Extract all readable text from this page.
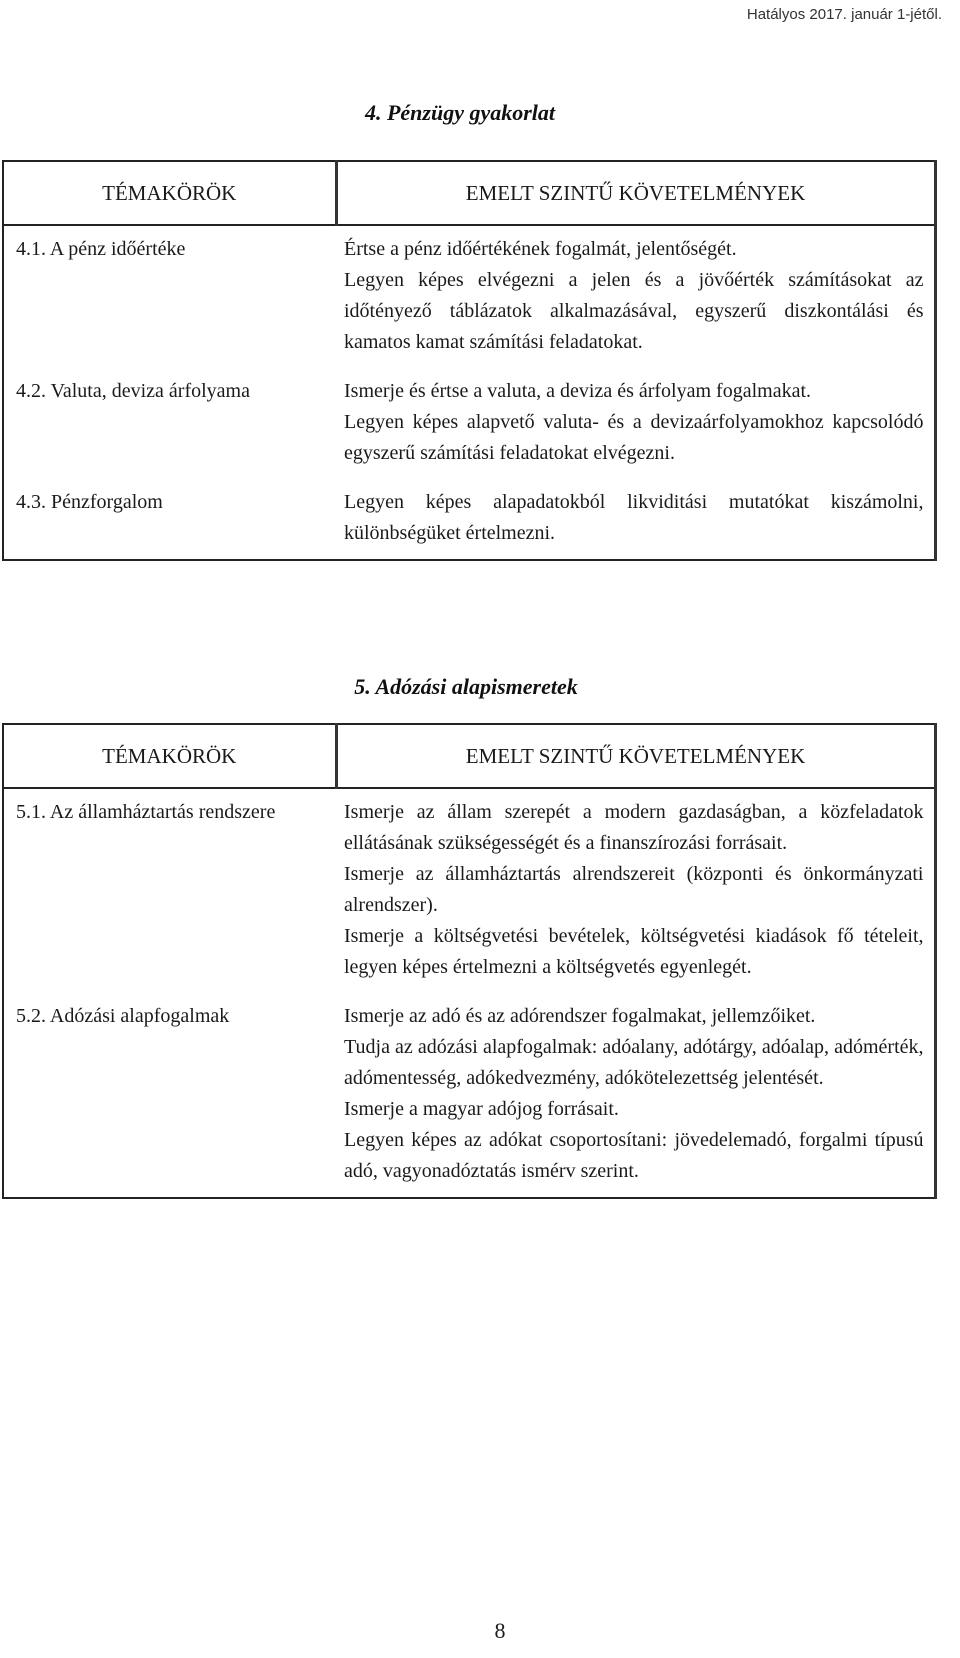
Hatályos 2017. január 1-jétől.
4. Pénzügy gyakorlat
TÉMAKÖRÖK	EMELT SZINTŰ KÖVETELMÉNYEK
4.1. A pénz időértéke	Értse a pénz időértékének fogalmát, jelentőségét.
Legyen képes elvégezni a jelen és a jövőérték számításokat az időtényező táblázatok alkalmazásával, egyszerű diszkontálási és kamatos kamat számítási feladatokat.

4.2. Valuta, deviza árfolyama	Ismerje és értse a valuta, a deviza és árfolyam fogalmakat.
Legyen képes alapvető valuta- és a devizaárfolyamokhoz kapcsolódó egyszerű számítási feladatokat elvégezni.

4.3. Pénzforgalom	Legyen képes alapadatokból likviditási mutatókat kiszámolni, különbségüket értelmezni.
5. Adózási alapismeretek
TÉMAKÖRÖK	EMELT SZINTŰ KÖVETELMÉNYEK
5.1. Az államháztartás rendszere	Ismerje az állam szerepét a modern gazdaságban, a közfeladatok ellátásának szükségességét és a finanszírozási forrásait.
Ismerje az államháztartás alrendszereit (központi és önkormányzati alrendszer).
Ismerje a költségvetési bevételek, költségvetési kiadások fő tételeit, legyen képes értelmezni a költségvetés egyenlegét.

5.2. Adózási alapfogalmak	Ismerje az adó és az adórendszer fogalmakat, jellemzőiket.
Tudja az adózási alapfogalmak: adóalany, adótárgy, adóalap, adómérték, adómentesség, adókedvezmény, adókötelezettség jelentését.
Ismerje a magyar adójog forrásait.
Legyen képes az adókat csoportosítani: jövedelemadó, forgalmi típusú adó, vagyonadóztatás ismérv szerint.
8
